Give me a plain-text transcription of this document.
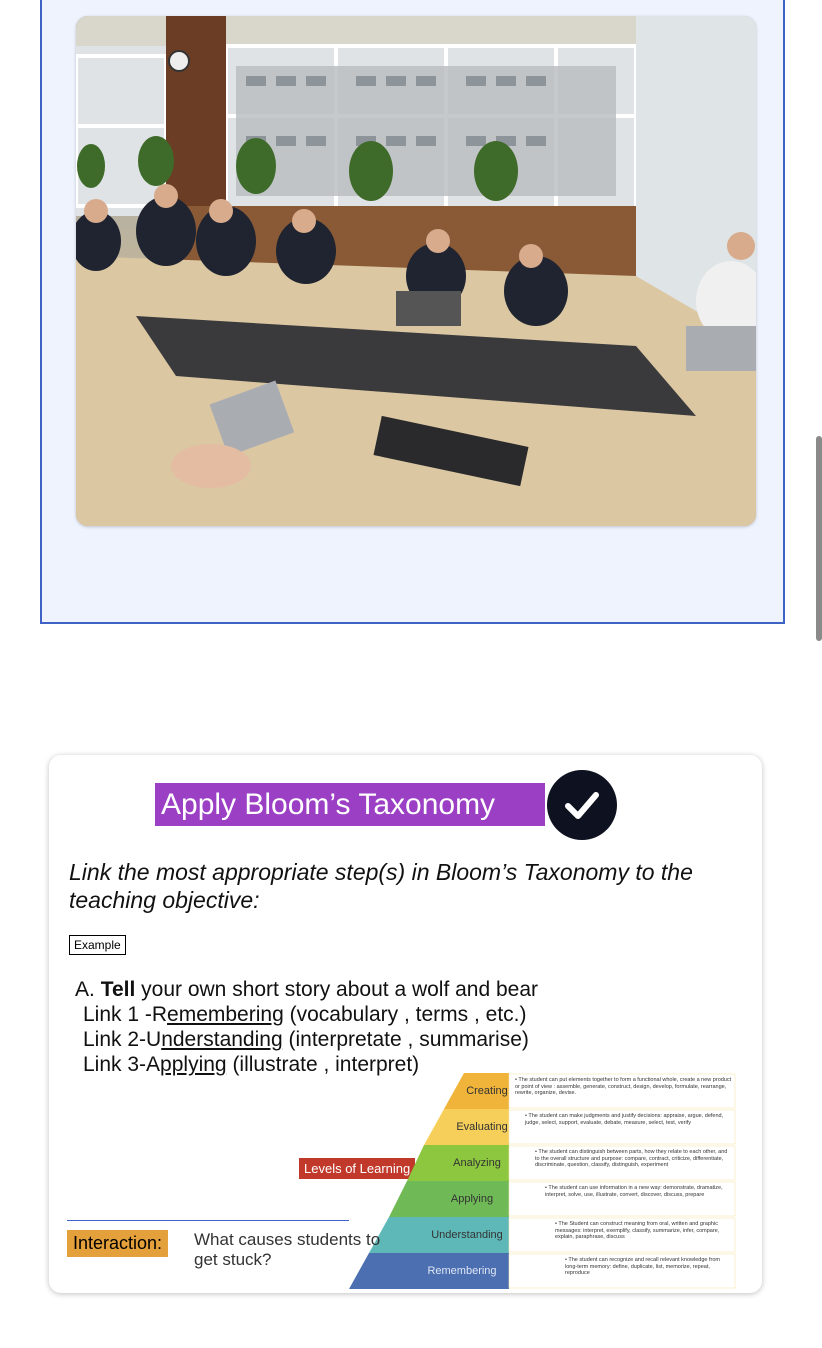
Apply Bloom’s Taxonomy
Link the most appropriate step(s) in Bloom’s Taxonomy to the teaching objective:
Example
A. Tell your own short story about a wolf and bear
Link 1 -Remembering (vocabulary , terms , etc.)
Link 2-Understanding (interpretate , summarise)
Link 3-Applying (illustrate , interpret)
Levels of Learning
Creating
Evaluating
Analyzing
Applying
Understanding
Remembering
• The student can put elements together to form a functional whole, create a new product or point of view : assemble, generate, construct, design, develop, formulate, rearrange, rewrite, organize, devise.
• The student can make judgments and justify decisions: appraise, argue, defend, judge, select, support, evaluate, debate, measure, select, test, verify
• The student can distinguish between parts, how they relate to each other, and to the overall structure and purpose: compare, contract, criticize, differentiate, discriminate, question, classify, distinguish, experiment
• The student can use information in a new way: demonstrate, dramatize, interpret, solve, use, illustrate, convert, discover, discuss, prepare
• The Student can construct meaning from oral, written and graphic messages: interpret, exemplify, classify, summarize, infer, compare, explain, paraphrase, discuss
• The student can recognize and recall relevant knowledge from long-term memory: define, duplicate, list, memorize, repeat, reproduce
Interaction:	What causes students to get stuck?
